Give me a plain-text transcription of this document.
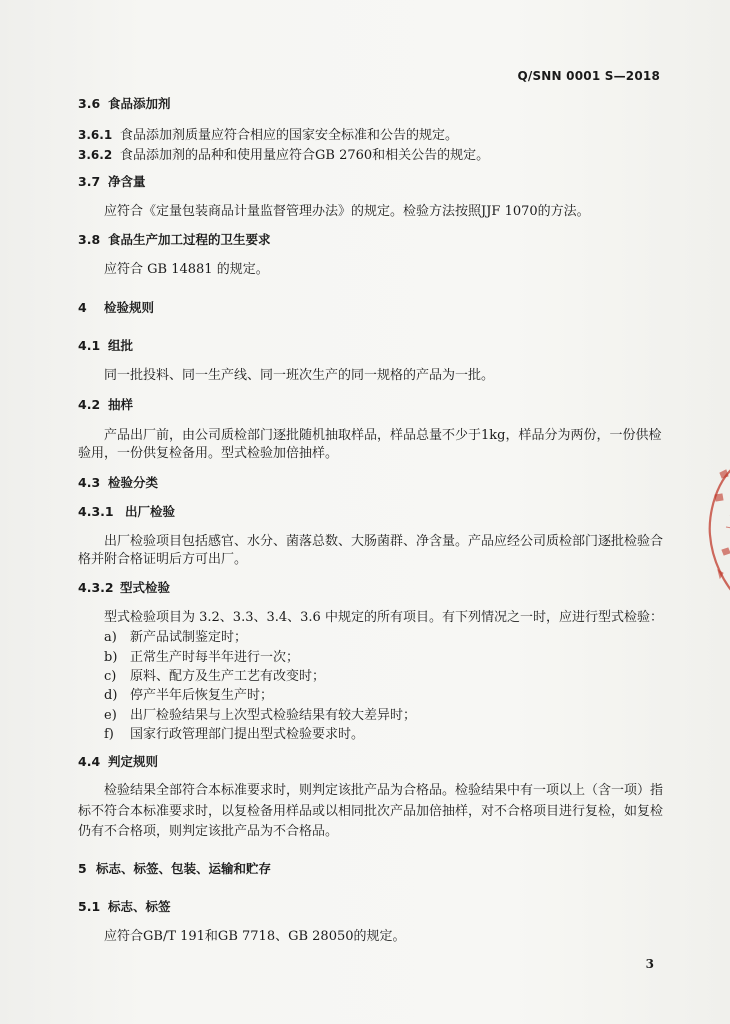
Q/SNN 0001 S—2018
3.6 食品添加剂
3.6.1 食品添加剂质量应符合相应的国家安全标准和公告的规定。
3.6.2 食品添加剂的品种和使用量应符合GB 2760和相关公告的规定。
3.7 净含量
应符合《定量包装商品计量监督管理办法》的规定。检验方法按照JJF 1070的方法。
3.8 食品生产加工过程的卫生要求
应符合 GB 14881 的规定。
4 检验规则
4.1 组批
同一批投料、同一生产线、同一班次生产的同一规格的产品为一批。
4.2 抽样
产品出厂前，由公司质检部门逐批随机抽取样品，样品总量不少于1kg，样品分为两份，一份供检
验用，一份供复检备用。型式检验加倍抽样。
4.3 检验分类
4.3.1 出厂检验
出厂检验项目包括感官、水分、菌落总数、大肠菌群、净含量。产品应经公司质检部门逐批检验合
格并附合格证明后方可出厂。
4.3.2 型式检验
型式检验项目为 3.2、3.3、3.4、3.6 中规定的所有项目。有下列情况之一时，应进行型式检验：
a) 新产品试制鉴定时；
b) 正常生产时每半年进行一次；
c) 原料、配方及生产工艺有改变时；
d) 停产半年后恢复生产时；
e) 出厂检验结果与上次型式检验结果有较大差异时；
f) 国家行政管理部门提出型式检验要求时。
4.4 判定规则
检验结果全部符合本标准要求时，则判定该批产品为合格品。检验结果中有一项以上（含一项）指
标不符合本标准要求时，以复检备用样品或以相同批次产品加倍抽样，对不合格项目进行复检，如复检
仍有不合格项，则判定该批产品为不合格品。
5 标志、标签、包装、运输和贮存
5.1 标志、标签
应符合GB/T 191和GB 7718、GB 28050的规定。
3
